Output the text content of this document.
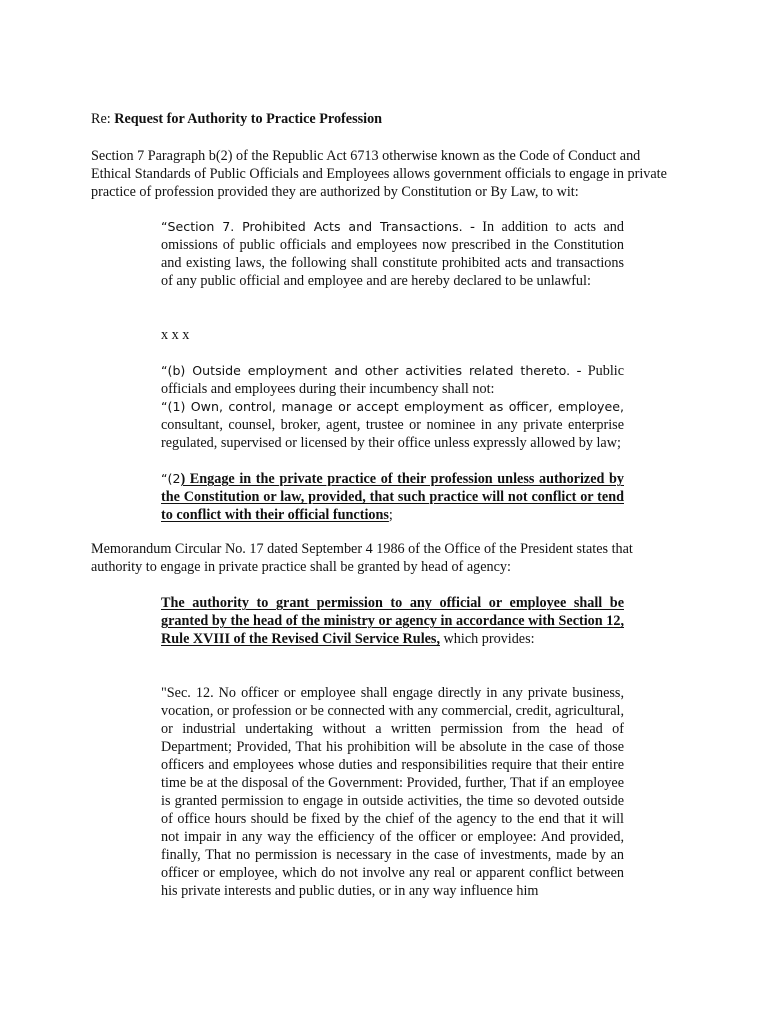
Re: Request for Authority to Practice Profession

Section 7 Paragraph b(2) of the Republic Act 6713 otherwise known as the Code of Conduct and Ethical Standards of Public Officials and Employees allows government officials to engage in private practice of profession provided they are authorized by Constitution or By Law, to wit:

“Section 7. Prohibited Acts and Transactions. - In addition to acts and omissions of public officials and employees now prescribed in the Constitution and existing laws, the following shall constitute prohibited acts and transactions of any public official and employee and are hereby declared to be unlawful:

x x x

“(b) Outside employment and other activities related thereto. - Public officials and employees during their incumbency shall not:

“(1) Own, control, manage or accept employment as officer, employee,
consultant, counsel, broker, agent, trustee or nominee in any private enterprise regulated, supervised or licensed by their office unless expressly allowed by law;

“(2) Engage in the private practice of their profession unless authorized by the Constitution or law, provided, that such practice will not conflict or tend to conflict with their official functions;

Memorandum Circular No. 17 dated September 4 1986 of the Office of the President states that authority to engage in private practice shall be granted by head of agency:

The authority to grant permission to any official or employee shall be granted by the head of the ministry or agency in accordance with Section 12, Rule XVIII of the Revised Civil Service Rules, which provides:

"Sec. 12. No officer or employee shall engage directly in any private business, vocation, or profession or be connected with any commercial, credit, agricultural, or industrial undertaking without a written permission from the head of Department; Provided, That his prohibition will be absolute in the case of those officers and employees whose duties and responsibilities require that their entire time be at the disposal of the Government: Provided, further, That if an employee is granted permission to engage in outside activities, the time so devoted outside of office hours should be fixed by the chief of the agency to the end that it will not impair in any way the efficiency of the officer or employee: And provided, finally, That no permission is necessary in the case of investments, made by an officer or employee, which do not involve any real or apparent conflict between his private interests and public duties, or in any way influence him
